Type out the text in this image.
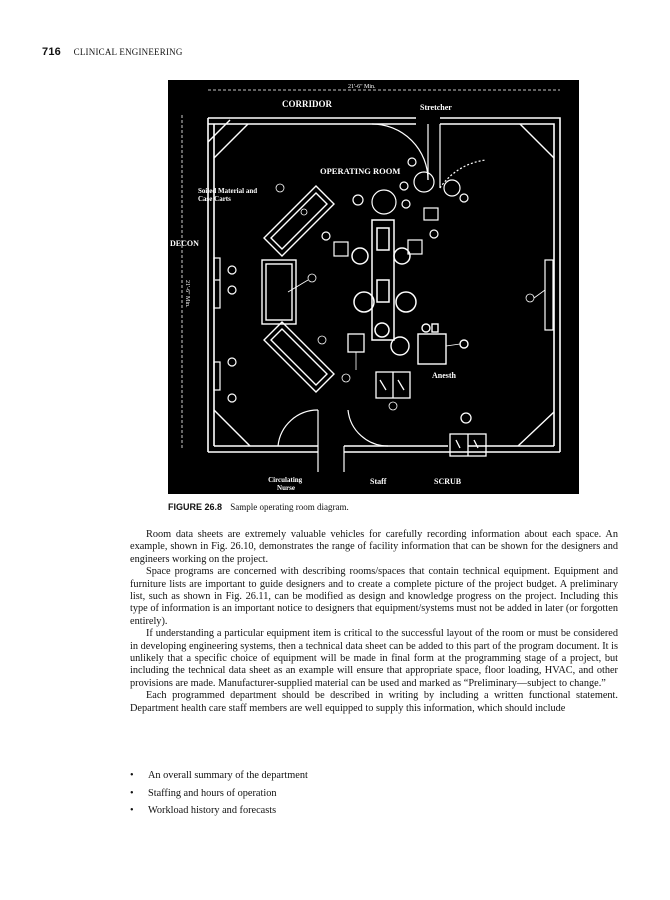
716 CLINICAL ENGINEERING
21'-6" Min.
21'-6" Min.
CORRIDOR	Stretcher
OPERATING ROOM
Soiled Material and Case Carts
DECON
Anesth
Circulating Nurse
Staff	SCRUB
FIGURE 26.8 Sample operating room diagram.

Room data sheets are extremely valuable vehicles for carefully recording information about each space. An example, shown in Fig. 26.10, demonstrates the range of facility information that can be shown for the designers and engineers working on the project.

Space programs are concerned with describing rooms/spaces that contain technical equipment. Equipment and furniture lists are important to guide designers and to create a complete picture of the project budget. A preliminary list, such as shown in Fig. 26.11, can be modified as design and knowledge progress on the project. Including this type of information is an important notice to designers that equipment/systems must not be added in later (or forgotten entirely).

If understanding a particular equipment item is critical to the successful layout of the room or must be considered in developing engineering systems, then a technical data sheet can be added to this part of the program document. It is unlikely that a specific choice of equipment will be made in final form at the programming stage of a project, but including the technical data sheet as an example will ensure that appropriate space, floor loading, HVAC, and other provisions are made. Manufacturer-supplied material can be used and marked as “Preliminary—subject to change.”

Each programmed department should be described in writing by including a written functional statement. Department health care staff members are well equipped to supply this information, which should include

• An overall summary of the department
• Staffing and hours of operation
• Workload history and forecasts
